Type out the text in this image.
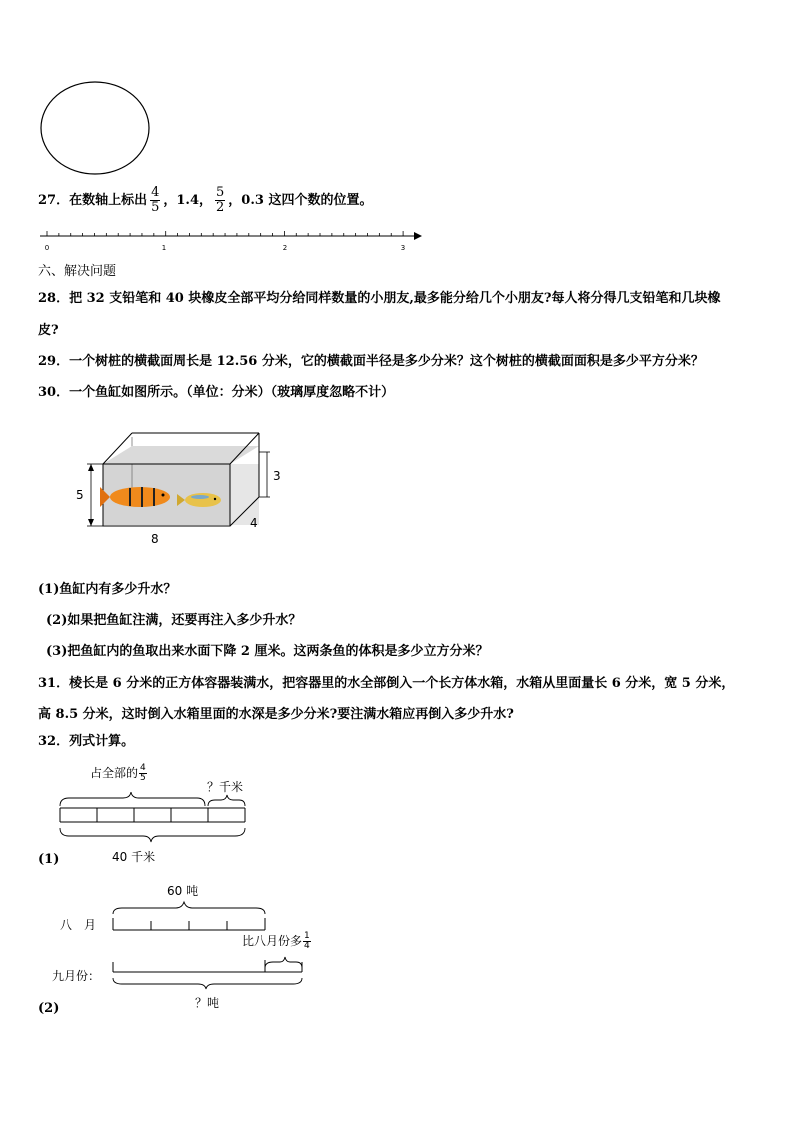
27．在数轴上标出 $\frac{4}{5}$ ，1.4， $\frac{5}{2}$ ，0.3 这四个数的位置。
0	1	2	3
六、解决问题
28．把 32 支铅笔和 40 块橡皮全部平均分给同样数量的小朋友,最多能分给几个小朋友?每人将分得几支铅笔和几块橡
皮?
29．一个树桩的横截面周长是 12.56 分米，它的横截面半径是多少分米？这个树桩的横截面面积是多少平方分米？
30．一个鱼缸如图所示。（单位：分米）（玻璃厚度忽略不计）
5
3
4
8
(1)鱼缸内有多少升水？
(2)如果把鱼缸注满，还要再注入多少升水？
(3)把鱼缸内的鱼取出来水面下降 2 厘米。这两条鱼的体积是多少立方分米？
31．棱长是 6 分米的正方体容器装满水，把容器里的水全部倒入一个长方体水箱，水箱从里面量长 6 分米，宽 5 分米，
高 8.5 分米，这时倒入水箱里面的水深是多少分米?要注满水箱应再倒入多少升水?
32．列式计算。
占全部的 $\frac{4}{5}$
？千米
40 千米
(1)
60 吨
八　月
比八月份多 $\frac{1}{4}$
九月份：
？吨
(2)
